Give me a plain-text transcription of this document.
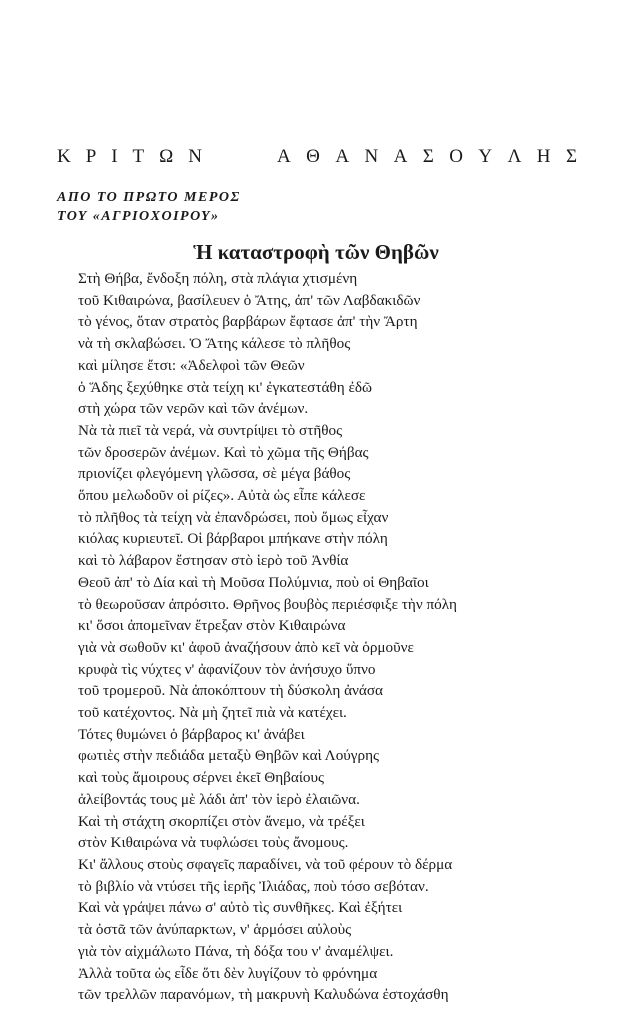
Κ Ρ Ι Τ Ω Ν	Α Θ Α Ν Α Σ Ο Υ Λ Η Σ
ΑΠΟ ΤΟ ΠΡΩΤΟ ΜΕΡΟΣ
ΤΟΥ «ΑΓΡΙΟΧΟΙΡΟΥ»
Ἡ καταστροφὴ τῶν Θηβῶν
Στὴ Θήβα, ἔνδοξη πόλη, στὰ πλάγια χτισμένη
τοῦ Κιθαιρώνα, βασίλευεν ὁ Ἄτης, ἀπ' τῶν Λαβδακιδῶν
τὸ γένος, ὅταν στρατὸς βαρβάρων ἔφτασε ἀπ' τὴν Ἄρτη
νὰ τὴ σκλαβώσει. Ὁ Ἄτης κάλεσε τὸ πλῆθος
καὶ μίλησε ἔτσι: «Ἀδελφοὶ τῶν Θεῶν
ὁ Ἅδης ξεχύθηκε στὰ τείχη κι' ἐγκατεστάθη ἐδῶ
στὴ χώρα τῶν νερῶν καὶ τῶν ἀνέμων.
Νὰ τὰ πιεῖ τὰ νερά, νὰ συντρίψει τὸ στῆθος
τῶν δροσερῶν ἀνέμων. Καὶ τὸ χῶμα τῆς Θήβας
πριονίζει φλεγόμενη γλῶσσα, σὲ μέγα βάθος
ὅπου μελωδοῦν οἱ ρίζες». Αὐτὰ ὡς εἶπε κάλεσε
τὸ πλῆθος τὰ τείχη νὰ ἐπανδρώσει, ποὺ ὅμως εἶχαν
κιόλας κυριευτεῖ. Οἱ βάρβαροι μπήκανε στὴν πόλη
καὶ τὸ λάβαρον ἔστησαν στὸ ἱερὸ τοῦ Ἀνθία
Θεοῦ ἀπ' τὸ Δία καὶ τὴ Μοῦσα Πολύμνια, ποὺ οἱ Θηβαῖοι
τὸ θεωροῦσαν ἀπρόσιτο. Θρῆνος βουβὸς περιέσφιξε τὴν πόλη
κι' ὅσοι ἀπομεῖναν ἔτρεξαν στὸν Κιθαιρώνα
γιὰ νὰ σωθοῦν κι' ἀφοῦ ἀναζήσουν ἀπὸ κεῖ νὰ ὁρμοῦνε
κρυφὰ τὶς νύχτες ν' ἀφανίζουν τὸν ἀνήσυχο ὕπνο
τοῦ τρομεροῦ. Νὰ ἀποκόπτουν τὴ δύσκολη ἀνάσα
τοῦ κατέχοντος. Νὰ μὴ ζητεῖ πιὰ νὰ κατέχει.
Τότες θυμώνει ὁ βάρβαρος κι' ἀνάβει
φωτιὲς στὴν πεδιάδα μεταξὺ Θηβῶν καὶ Λούγρης
καὶ τοὺς ἄμοιρους σέρνει ἐκεῖ Θηβαίους
ἀλείβοντάς τους μὲ λάδι ἀπ' τὸν ἱερὸ ἐλαιῶνα.
Καὶ τὴ στάχτη σκορπίζει στὸν ἄνεμο, νὰ τρέξει
στὸν Κιθαιρώνα νὰ τυφλώσει τοὺς ἄνομους.
Κι' ἄλλους στοὺς σφαγεῖς παραδίνει, νὰ τοῦ φέρουν τὸ δέρμα
τὸ βιβλίο νὰ ντύσει τῆς ἱερῆς Ἰλιάδας, ποὺ τόσο σεβόταν.
Καὶ νὰ γράψει πάνω σ' αὐτὸ τὶς συνθῆκες. Καὶ ἐξήτει
τὰ ὀστᾶ τῶν ἀνύπαρκτων, ν' ἁρμόσει αὐλοὺς
γιὰ τὸν αἰχμάλωτο Πάνα, τὴ δόξα του ν' ἀναμέλψει.
Ἀλλὰ τοῦτα ὡς εἶδε ὅτι δὲν λυγίζουν τὸ φρόνημα
τῶν τρελλῶν παρανόμων, τὴ μακρυνὴ Καλυδώνα ἐστοχάσθη
